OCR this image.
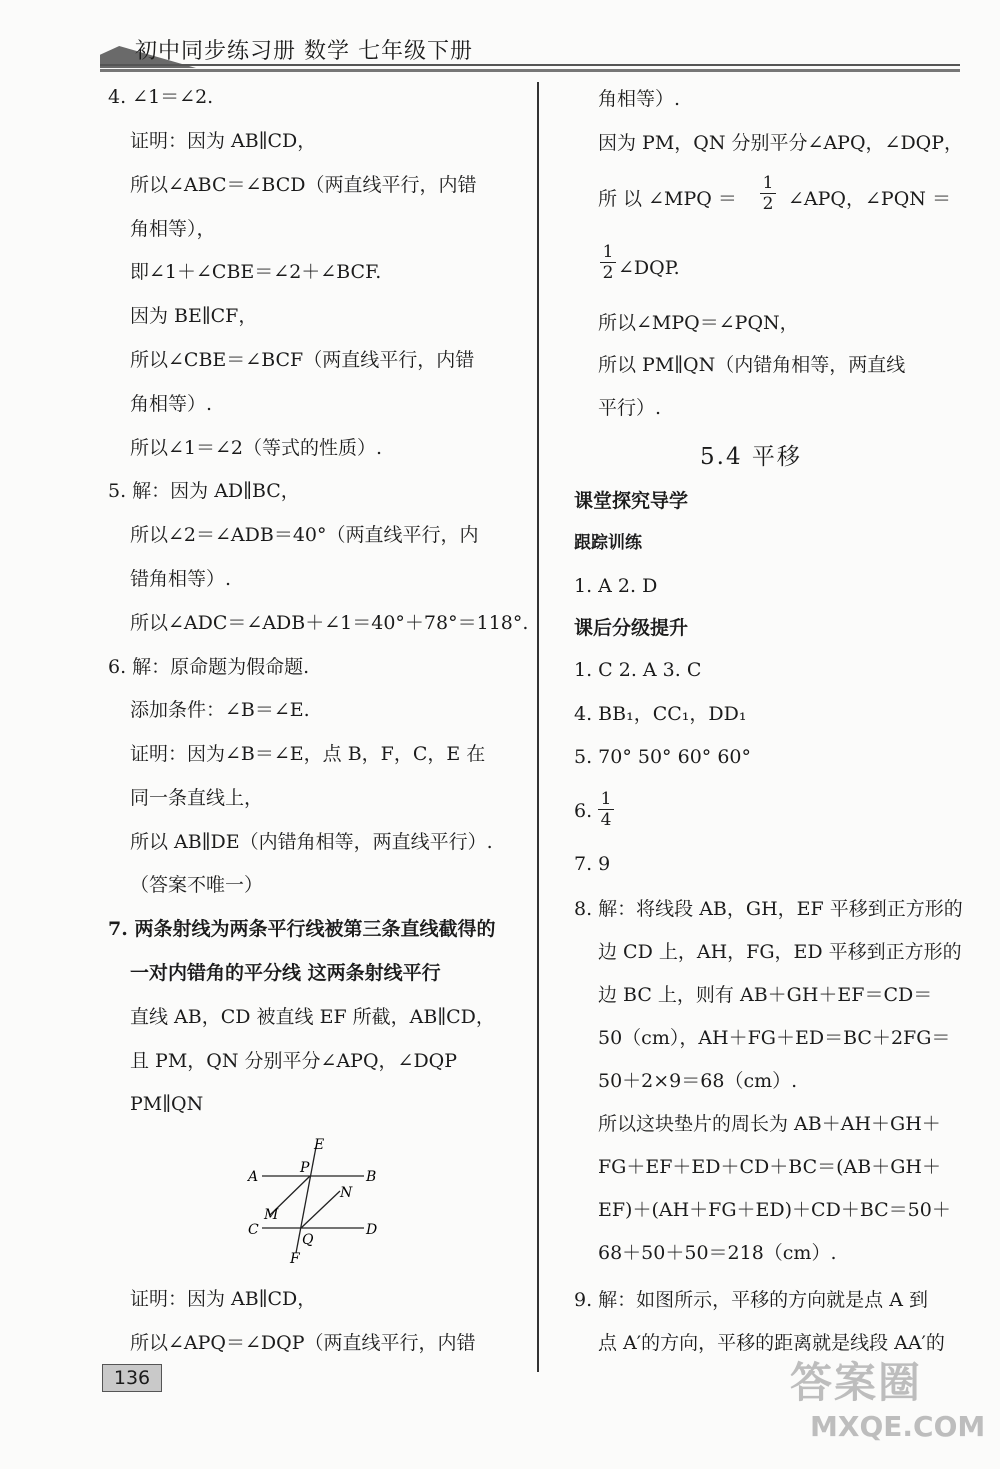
初中同步练习册 数学 七年级下册
4. ∠1＝∠2.
证明：因为 AB∥CD，
所以∠ABC＝∠BCD（两直线平行，内错
角相等），
即∠1＋∠CBE＝∠2＋∠BCF.
因为 BE∥CF，
所以∠CBE＝∠BCF（两直线平行，内错
角相等）.
所以∠1＝∠2（等式的性质）.
5. 解：因为 AD∥BC，
所以∠2＝∠ADB＝40°（两直线平行，内
错角相等）.
所以∠ADC＝∠ADB＋∠1＝40°＋78°＝118°.
6. 解：原命题为假命题.
添加条件：∠B＝∠E.
证明：因为∠B＝∠E，点 B，F，C，E 在
同一条直线上，
所以 AB∥DE（内错角相等，两直线平行）.
（答案不唯一）
7. 两条射线为两条平行线被第三条直线截得的
一对内错角的平分线 这两条射线平行
直线 AB，CD 被直线 EF 所截，AB∥CD，
且 PM，QN 分别平分∠APQ，∠DQP
PM∥QN
A	B
C	D
E
F
P
Q
M
N
证明：因为 AB∥CD，
所以∠APQ＝∠DQP（两直线平行，内错
角相等）.
因为 PM，QN 分别平分∠APQ，∠DQP，
所 以 ∠MPQ ＝
1
2 ∠APQ，∠PQN ＝
1
2 ∠DQP.
所以∠MPQ＝∠PQN，
所以 PM∥QN（内错角相等，两直线
平行）.
5.4 平移
课堂探究导学
跟踪训练
1. A 2. D
课后分级提升
1. C 2. A 3. C
4. BB₁，CC₁，DD₁
5. 70° 50° 60° 60°
6.
1
4
7. 9
8. 解：将线段 AB，GH，EF 平移到正方形的
边 CD 上，AH，FG，ED 平移到正方形的
边 BC 上，则有 AB＋GH＋EF＝CD＝
50（cm），AH＋FG＋ED＝BC＋2FG＝
50＋2×9＝68（cm）.
所以这块垫片的周长为 AB＋AH＋GH＋
FG＋EF＋ED＋CD＋BC＝(AB＋GH＋
EF)＋(AH＋FG＋ED)＋CD＋BC＝50＋
68＋50＋50＝218（cm）.
9. 解：如图所示，平移的方向就是点 A 到
点 A′的方向，平移的距离就是线段 AA′的
136	答案圈
MXQE.COM
